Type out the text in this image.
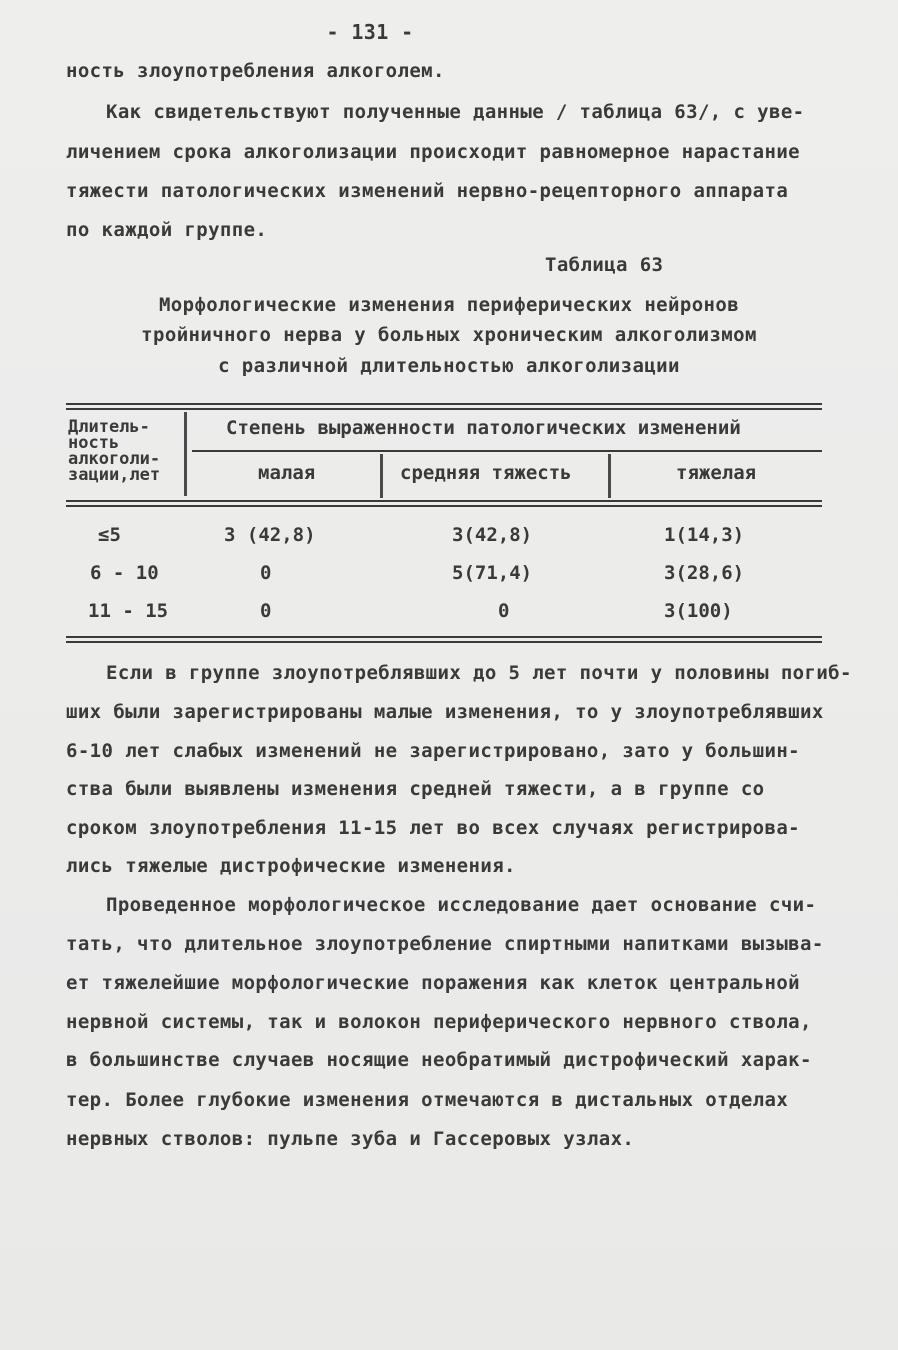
- 131 -
ность злоупотребления алкоголем.
Как свидетельствуют полученные данные / таблица 63/, с уве-
личением срока алкоголизации происходит равномерное нарастание
тяжести патологических изменений нервно-рецепторного аппарата
по каждой группе.
Таблица 63
Морфологические изменения периферических нейронов
тройничного нерва у больных хроническим алкоголизмом
с различной длительностью алкоголизации
Длитель-
ность
алкоголи-
зации,лет
Степень выраженности патологических изменений
малая	средняя тяжесть	тяжелая
≤5	3 (42,8)	3(42,8)	1(14,3)
6 - 10	0	5(71,4)	3(28,6)
11 - 15	0	0	3(100)
Если в группе злоупотреблявших до 5 лет почти у половины погиб-
ших были зарегистрированы малые изменения, то у злоупотреблявших
6-10 лет слабых изменений не зарегистрировано, зато у большин-
ства были выявлены изменения средней тяжести, а в группе со
сроком злоупотребления 11-15 лет во всех случаях регистрирова-
лись тяжелые дистрофические изменения.
Проведенное морфологическое исследование дает основание счи-
тать, что длительное злоупотребление спиртными напитками вызыва-
ет тяжелейшие морфологические поражения как клеток центральной
нервной системы, так и волокон периферического нервного ствола,
в большинстве случаев носящие необратимый дистрофический харак-
тер. Более глубокие изменения отмечаются в дистальных отделах
нервных стволов: пульпе зуба и Гассеровых узлах.
